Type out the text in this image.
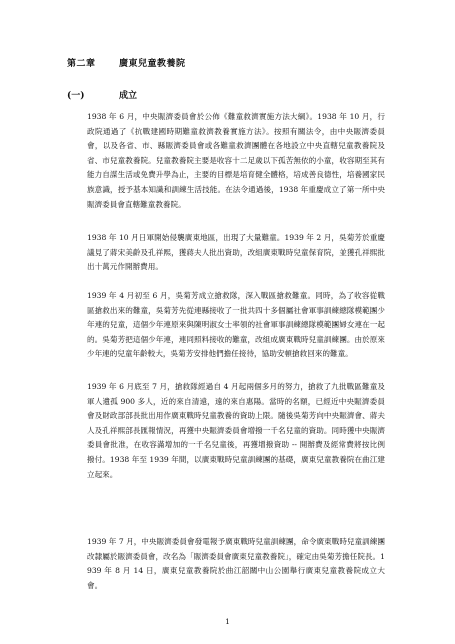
第二章	廣東兒童教養院
(一)	成立

1938 年 6 月，中央賑濟委員會於公佈《難童救濟實施方法大綱》。1938 年 10 月，行政院通過了《抗戰建國時期難童救濟教養實施方法》。按照有關法令，由中央賑濟委員會，以及各省、市、縣賑濟委員會或各難童救濟團體在各地設立中央直轄兒童教養院及省、市兒童教養院。兒童教養院主要是收容十二足歲以下孤苦無依的小童，收容期至其有能力自謀生活或免費升學為止，主要的目標是培育健全體格，培成善良德性，培養國家民族意識，授予基本知識和訓練生活技能。在法令通過後，1938 年重慶成立了第一所中央賑濟委員會直轄難童教養院。

1938 年 10 月日軍開始侵襲廣東地區，出現了大量難童。1939 年 2 月，吳菊芳於重慶議見了蔣宋美齡及孔祥熙，獲蔣夫人批出資助，改組廣東戰時兒童保育院，並獲孔祥熙批出十萬元作開辦費用。

1939 年 4 月初至 6 月，吳菊芳成立搶救隊，深入戰區搶救難童。同時，為了收容從戰區搶救出來的難童，吳菊芳先從連縣接收了一批共四十多個屬社會軍事訓練總隊模範團少年連的兒童，這個少年連原來與陳明淑女士率領的社會軍事訓練總隊模範團婦女連在一起的。吳菊芳把這個少年連，連同照料接收的難童，改組成廣東戰時兒童訓練團。由於原來少年連的兒童年齡較大，吳菊芳安排他們擔任接待，協助安頓搶救回來的難童。

1939 年 6 月底至 7 月，搶救隊經過自 4 月起兩個多月的努力，搶救了九批戰區難童及軍人遺孤 900 多人，近的來自清遠，遠的來自惠陽。當時的名額，已經近中央賑濟委員會及財政部部長批出用作廣東戰時兒童教養的資助上限。隨後吳菊芳向中央賑濟會、蔣夫人及孔祥熙部長匯報情況，再獲中央賑濟委員會增撥一千名兒童的資助。同時獲中央賑濟委員會批准，在收容滿增加的一千名兒童後，再獲增撥資助 -- 開辦費及經常費將按比例撥付。1938 年至 1939 年間，以廣東戰時兒童訓練團的基礎，廣東兒童教養院在曲江建立起來。

1939 年 7 月，中央賑濟委員會發電報予廣東戰時兒童訓練團，命令廣東戰時兒童訓練團改隸屬於賑濟委員會，改名為「賑濟委員會廣東兒童教養院」，確定由吳菊芳擔任院長。1939 年 8 月 14 日，廣東兒童教養院於曲江韶關中山公園舉行廣東兒童教養院成立大會。

1
